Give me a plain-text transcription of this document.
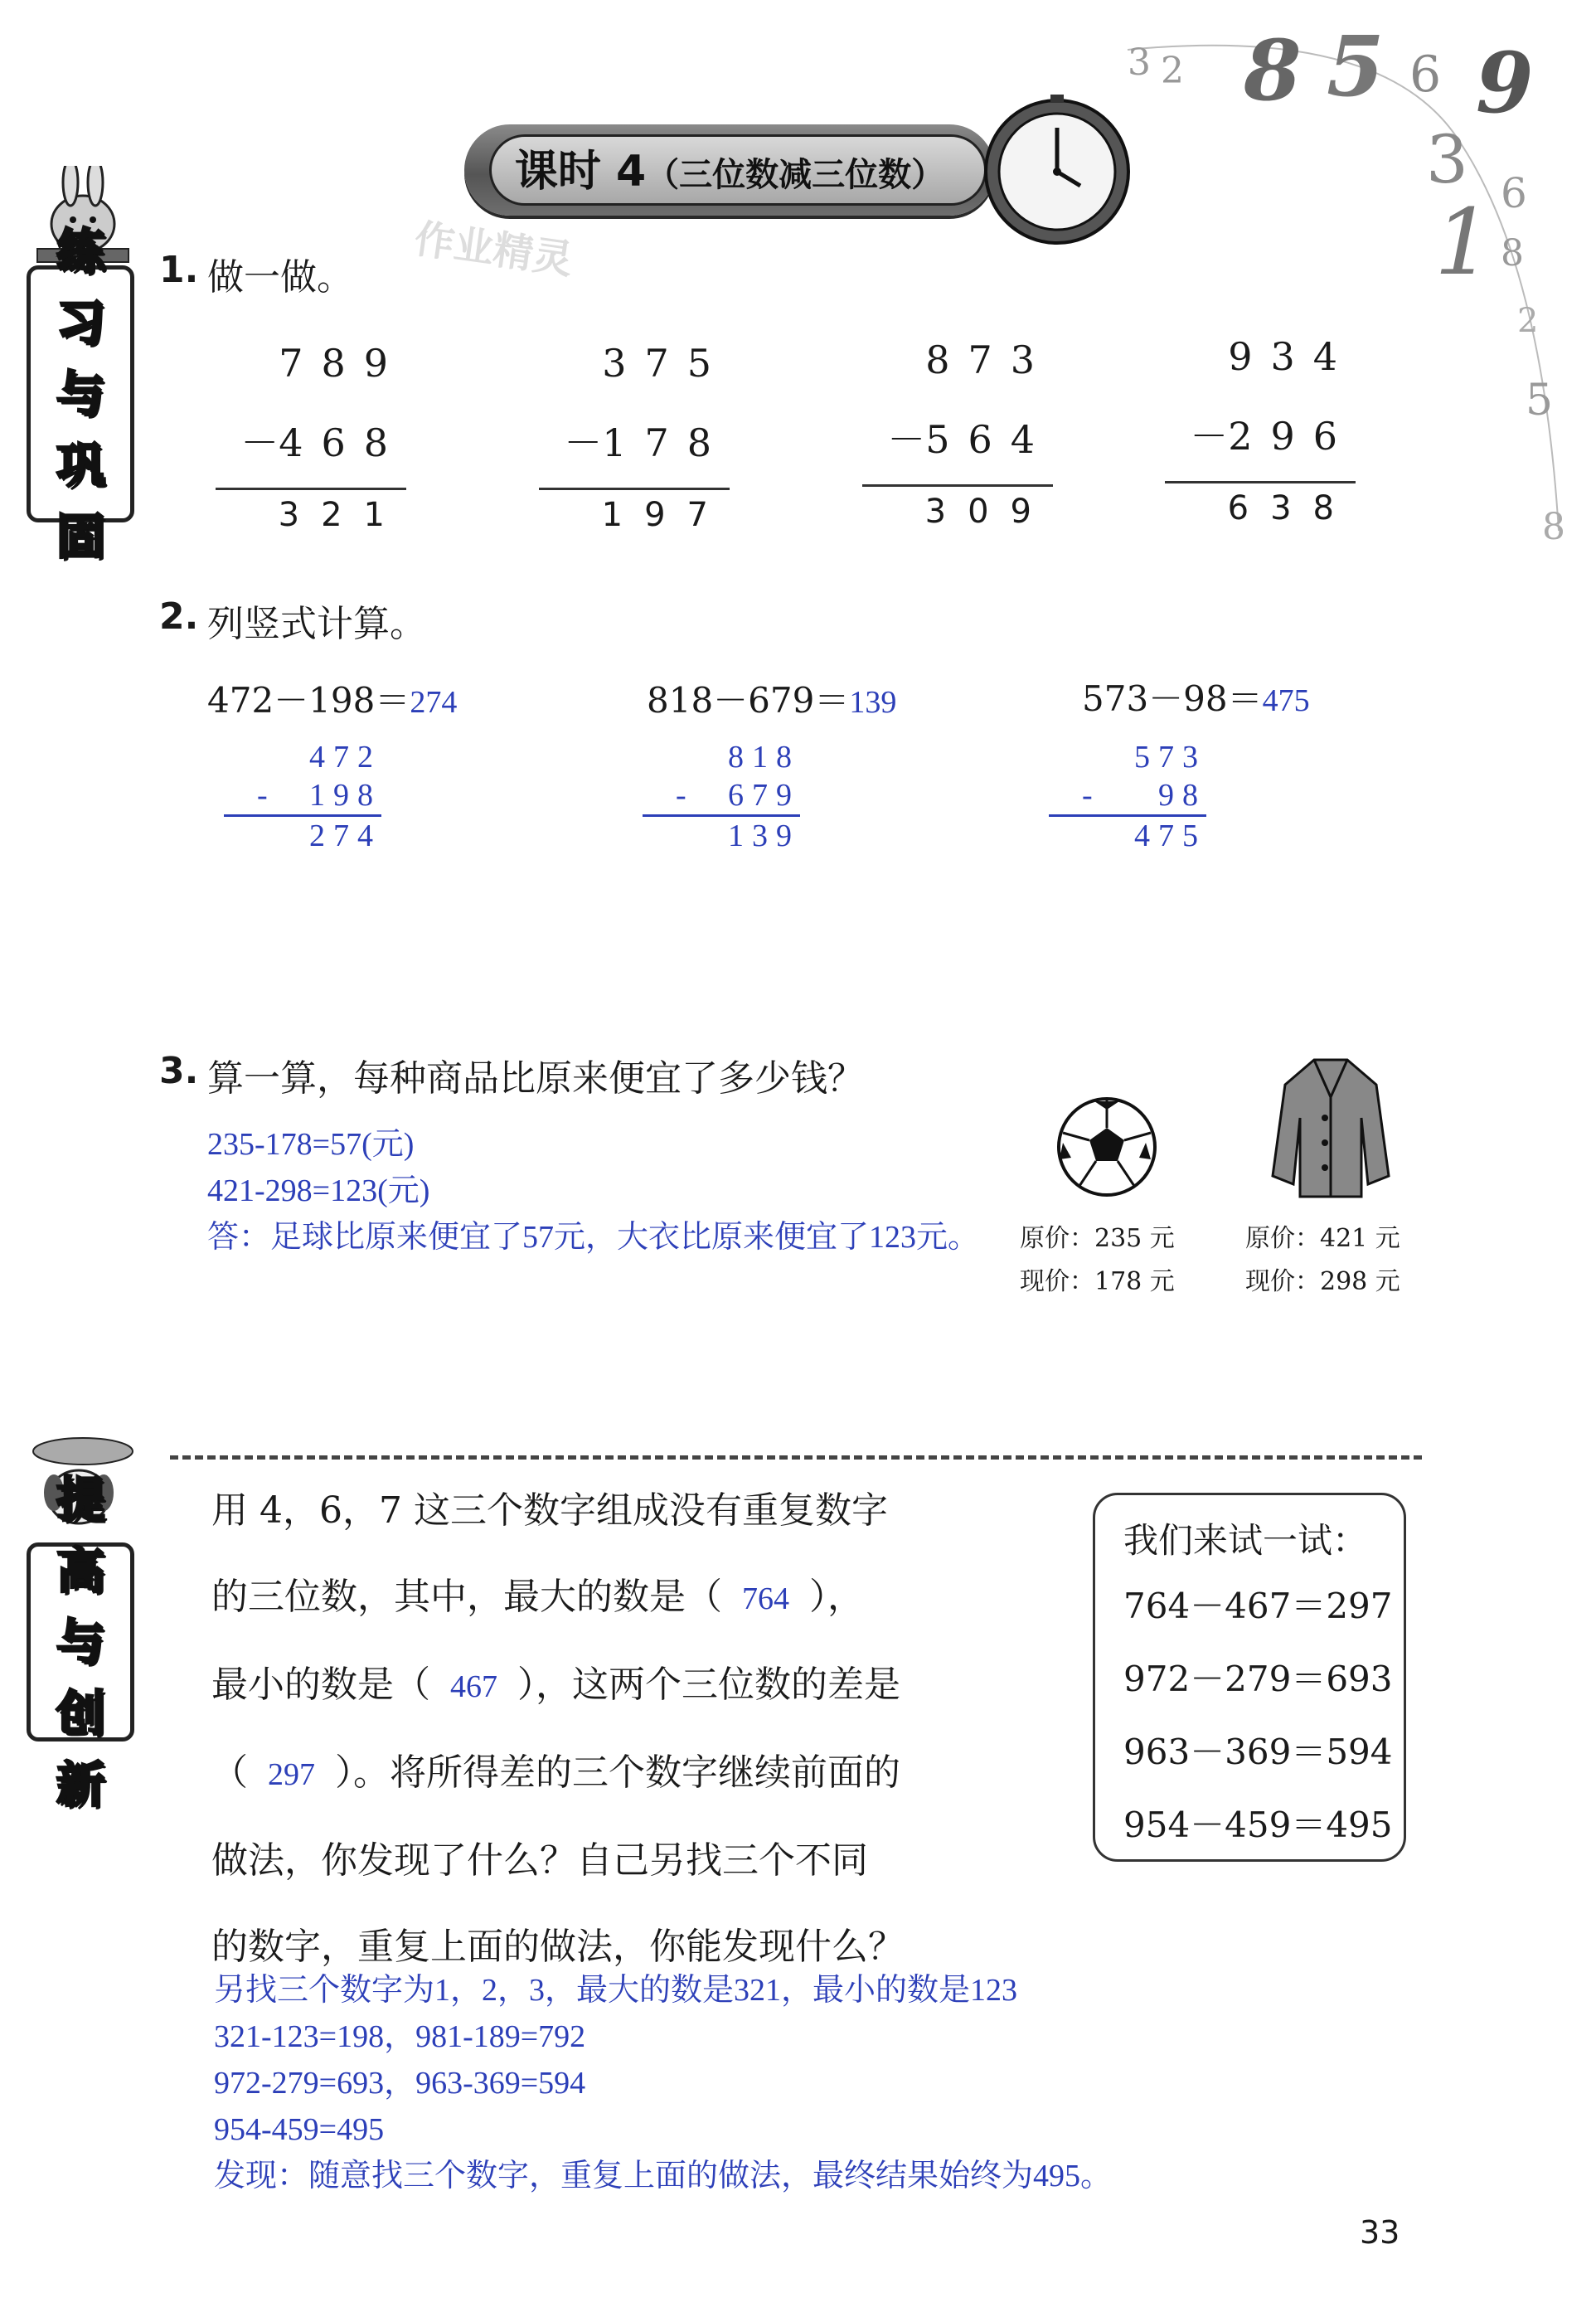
3 2 8 5 6 9
3 6
1 8
2
5
8
课时 4（三位数减三位数）
作业精灵
练
习
与
巩
固
1. 做一做。
789
－468
321
375
－178
197
873
－564
309
934
－296
638
2. 列竖式计算。
472－198＝274	818－679＝139	573－98＝475
472
- 198
274
818
- 679
139
573
- 98
475
3. 算一算，每种商品比原来便宜了多少钱？
235-178=57(元)
421-298=123(元)
答：足球比原来便宜了57元，大衣比原来便宜了123元。 原价：235 元
现价：178 元
原价：421 元
现价：298 元
提
高
与
创
新
用 4，6，7 这三个数字组成没有重复数字
的三位数，其中，最大的数是（ 764 ），
最小的数是（ 467 ），这两个三位数的差是
（ 297 ）。将所得差的三个数字继续前面的
做法，你发现了什么？自己另找三个不同
的数字，重复上面的做法，你能发现什么？
我们来试一试：
764－467＝297
972－279＝693
963－369＝594
954－459＝495
另找三个数字为1，2，3，最大的数是321，最小的数是123
321-123=198，981-189=792
972-279=693，963-369=594
954-459=495
发现：随意找三个数字，重复上面的做法，最终结果始终为495。
33
